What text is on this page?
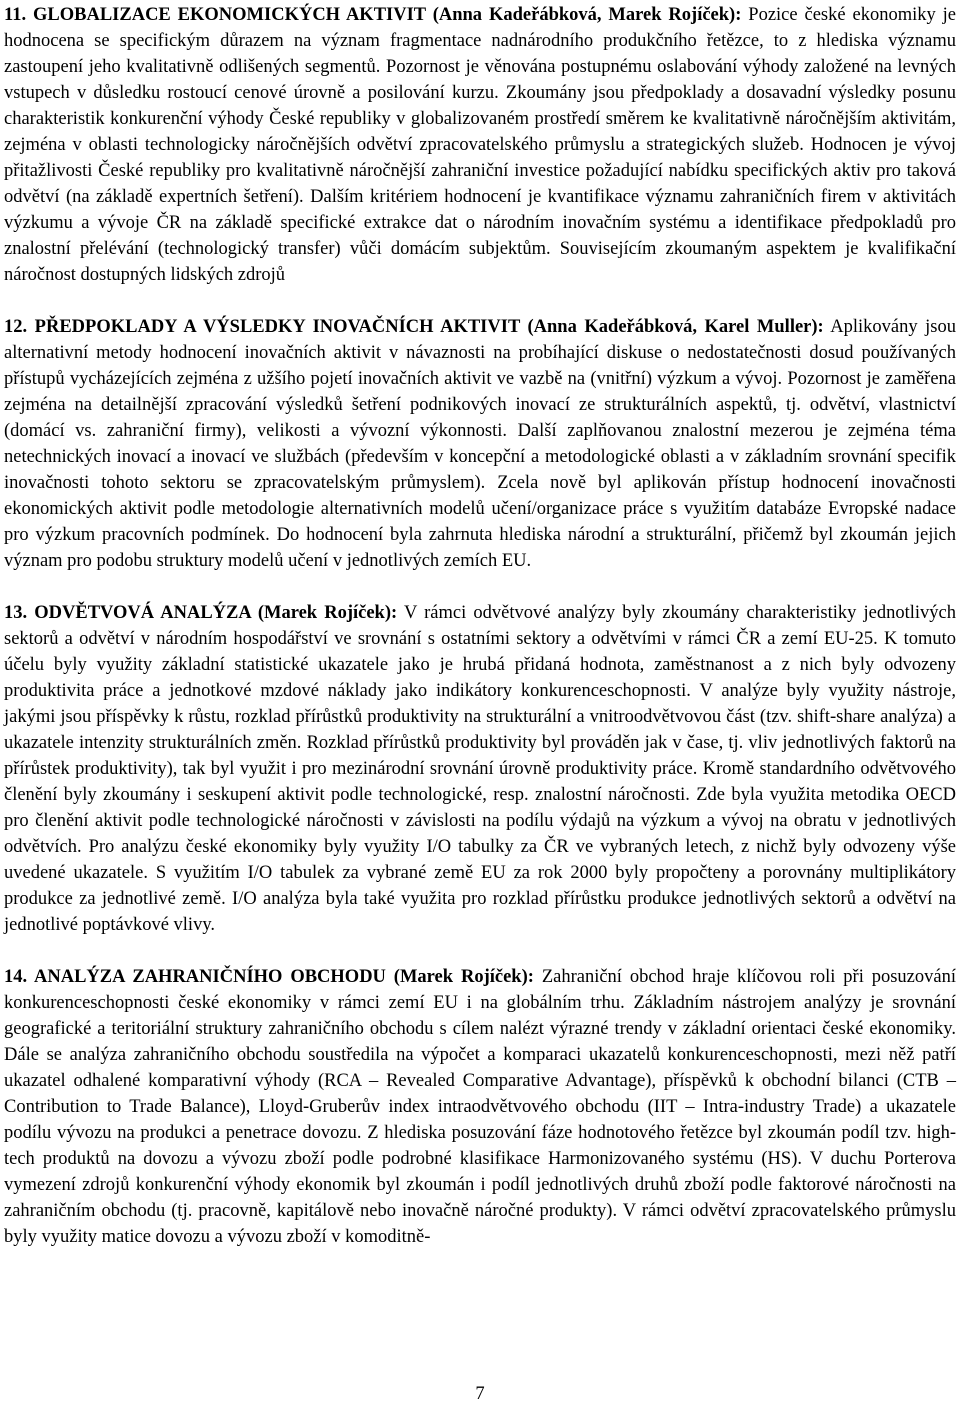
11. GLOBALIZACE EKONOMICKÝCH AKTIVIT (Anna Kadeřábková, Marek Rojíček): Pozice české ekonomiky je hodnocena se specifickým důrazem na význam fragmentace nadnárodního produkčního řetězce, to z hlediska významu zastoupení jeho kvalitativně odlišených segmentů. Pozornost je věnována postupnému oslabování výhody založené na levných vstupech v důsledku rostoucí cenové úrovně a posilování kurzu. Zkoumány jsou předpoklady a dosavadní výsledky posunu charakteristik konkurenční výhody České republiky v globalizovaném prostředí směrem ke kvalitativně náročnějším aktivitám, zejména v oblasti technologicky náročnějších odvětví zpracovatelského průmyslu a strategických služeb. Hodnocen je vývoj přitažlivosti České republiky pro kvalitativně náročnější zahraniční investice požadující nabídku specifických aktiv pro taková odvětví (na základě expertních šetření). Dalším kritériem hodnocení je kvantifikace významu zahraničních firem v aktivitách výzkumu a vývoje ČR na základě specifické extrakce dat o národním inovačním systému a identifikace předpokladů pro znalostní přelévání (technologický transfer) vůči domácím subjektům. Souvisejícím zkoumaným aspektem je kvalifikační náročnost dostupných lidských zdrojů

12. PŘEDPOKLADY A VÝSLEDKY INOVAČNÍCH AKTIVIT (Anna Kadeřábková, Karel Muller): Aplikovány jsou alternativní metody hodnocení inovačních aktivit v návaznosti na probíhající diskuse o nedostatečnosti dosud používaných přístupů vycházejících zejména z užšího pojetí inovačních aktivit ve vazbě na (vnitřní) výzkum a vývoj. Pozornost je zaměřena zejména na detailnější zpracování výsledků šetření podnikových inovací ze strukturálních aspektů, tj. odvětví, vlastnictví (domácí vs. zahraniční firmy), velikosti a vývozní výkonnosti. Další zaplňovanou znalostní mezerou je zejména téma netechnických inovací a inovací ve službách (především v koncepční a metodologické oblasti a v základním srovnání specifik inovačnosti tohoto sektoru se zpracovatelským průmyslem). Zcela nově byl aplikován přístup hodnocení inovačnosti ekonomických aktivit podle metodologie alternativních modelů učení/organizace práce s využitím databáze Evropské nadace pro výzkum pracovních podmínek. Do hodnocení byla zahrnuta hlediska národní a strukturální, přičemž byl zkoumán jejich význam pro podobu struktury modelů učení v jednotlivých zemích EU.

13. ODVĚTVOVÁ ANALÝZA (Marek Rojíček): V rámci odvětvové analýzy byly zkoumány charakteristiky jednotlivých sektorů a odvětví v národním hospodářství ve srovnání s ostatními sektory a odvětvími v rámci ČR a zemí EU-25. K tomuto účelu byly využity základní statistické ukazatele jako je hrubá přidaná hodnota, zaměstnanost a z nich byly odvozeny produktivita práce a jednotkové mzdové náklady jako indikátory konkurenceschopnosti. V analýze byly využity nástroje, jakými jsou příspěvky k růstu, rozklad přírůstků produktivity na strukturální a vnitroodvětvovou část (tzv. shift-share analýza) a ukazatele intenzity strukturálních změn. Rozklad přírůstků produktivity byl prováděn jak v čase, tj. vliv jednotlivých faktorů na přírůstek produktivity), tak byl využit i pro mezinárodní srovnání úrovně produktivity práce. Kromě standardního odvětvového členění byly zkoumány i seskupení aktivit podle technologické, resp. znalostní náročnosti. Zde byla využita metodika OECD pro členění aktivit podle technologické náročnosti v závislosti na podílu výdajů na výzkum a vývoj na obratu v jednotlivých odvětvích. Pro analýzu české ekonomiky byly využity I/O tabulky za ČR ve vybraných letech, z nichž byly odvozeny výše uvedené ukazatele. S využitím I/O tabulek za vybrané země EU za rok 2000 byly propočteny a porovnány multiplikátory produkce za jednotlivé země. I/O analýza byla také využita pro rozklad přírůstku produkce jednotlivých sektorů a odvětví na jednotlivé poptávkové vlivy.

14. ANALÝZA ZAHRANIČNÍHO OBCHODU (Marek Rojíček): Zahraniční obchod hraje klíčovou roli při posuzování konkurenceschopnosti české ekonomiky v rámci zemí EU i na globálním trhu. Základním nástrojem analýzy je srovnání geografické a teritoriální struktury zahraničního obchodu s cílem nalézt výrazné trendy v základní orientaci české ekonomiky. Dále se analýza zahraničního obchodu soustředila na výpočet a komparaci ukazatelů konkurenceschopnosti, mezi něž patří ukazatel odhalené komparativní výhody (RCA – Revealed Comparative Advantage), příspěvků k obchodní bilanci (CTB – Contribution to Trade Balance), Lloyd-Gruberův index intraodvětvového obchodu (IIT – Intra-industry Trade) a ukazatele podílu vývozu na produkci a penetrace dovozu. Z hlediska posuzování fáze hodnotového řetězce byl zkoumán podíl tzv. high-tech produktů na dovozu a vývozu zboží podle podrobné klasifikace Harmonizovaného systému (HS). V duchu Porterova vymezení zdrojů konkurenční výhody ekonomik byl zkoumán i podíl jednotlivých druhů zboží podle faktorové náročnosti na zahraničním obchodu (tj. pracovně, kapitálově nebo inovačně náročné produkty). V rámci odvětví zpracovatelského průmyslu byly využity matice dovozu a vývozu zboží v komoditně-

7
